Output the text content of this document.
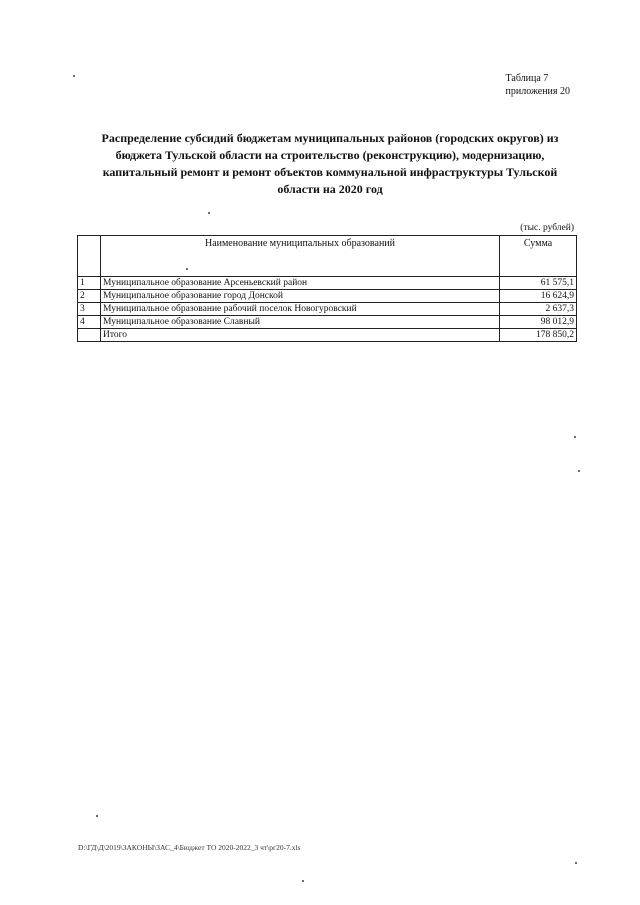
Таблица 7
приложения 20
Распределение субсидий бюджетам муниципальных районов (городских округов) из бюджета Тульской области на строительство (реконструкцию), модернизацию, капитальный ремонт и ремонт объектов коммунальной инфраструктуры Тульской области на 2020 год
(тыс. рублей)
	Наименование муниципальных образований	Сумма
1	Муниципальное образование Арсеньевский район	61 575,1
2	Муниципальное образование город Донской	16 624,9
3	Муниципальное образование рабочий поселок Новогуровский	2 637,3
4	Муниципальное образование Славный	98 012,9
	Итого	178 850,2
D:\ГД\Д\2019\ЗАКОНЫ\ЗАС_4\Бюджет ТО 2020-2022_3 чт\рг20-7.xls
